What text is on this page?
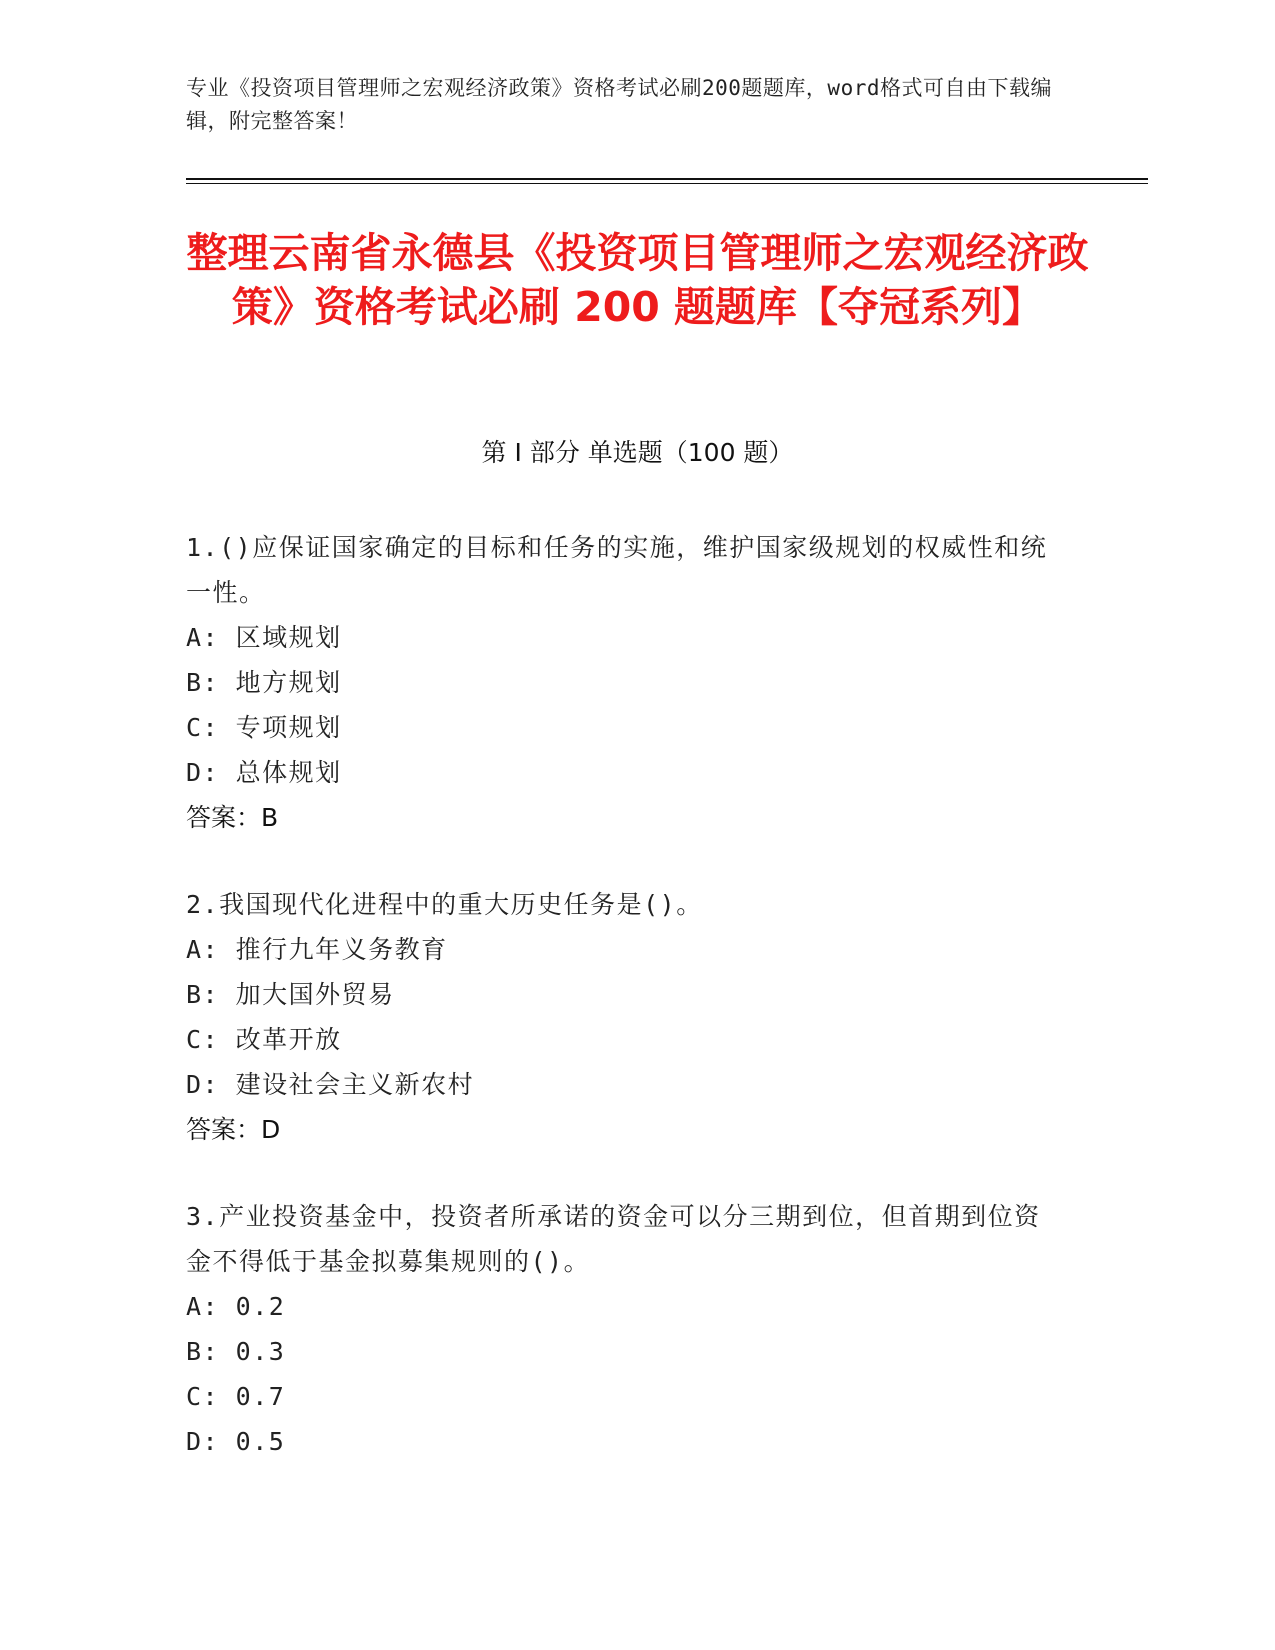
专业《投资项目管理师之宏观经济政策》资格考试必刷200题题库，word格式可自由下载编辑，附完整答案！
整理云南省永德县《投资项目管理师之宏观经济政策》资格考试必刷 200 题题库【夺冠系列】
第 I 部分 单选题（100 题）
1.()应保证国家确定的目标和任务的实施，维护国家级规划的权威性和统一性。
A: 区域规划
B: 地方规划
C: 专项规划
D: 总体规划
答案：B
2.我国现代化进程中的重大历史任务是()。
A: 推行九年义务教育
B: 加大国外贸易
C: 改革开放
D: 建设社会主义新农村
答案：D
3.产业投资基金中，投资者所承诺的资金可以分三期到位，但首期到位资金不得低于基金拟募集规则的()。
A: 0.2
B: 0.3
C: 0.7
D: 0.5
